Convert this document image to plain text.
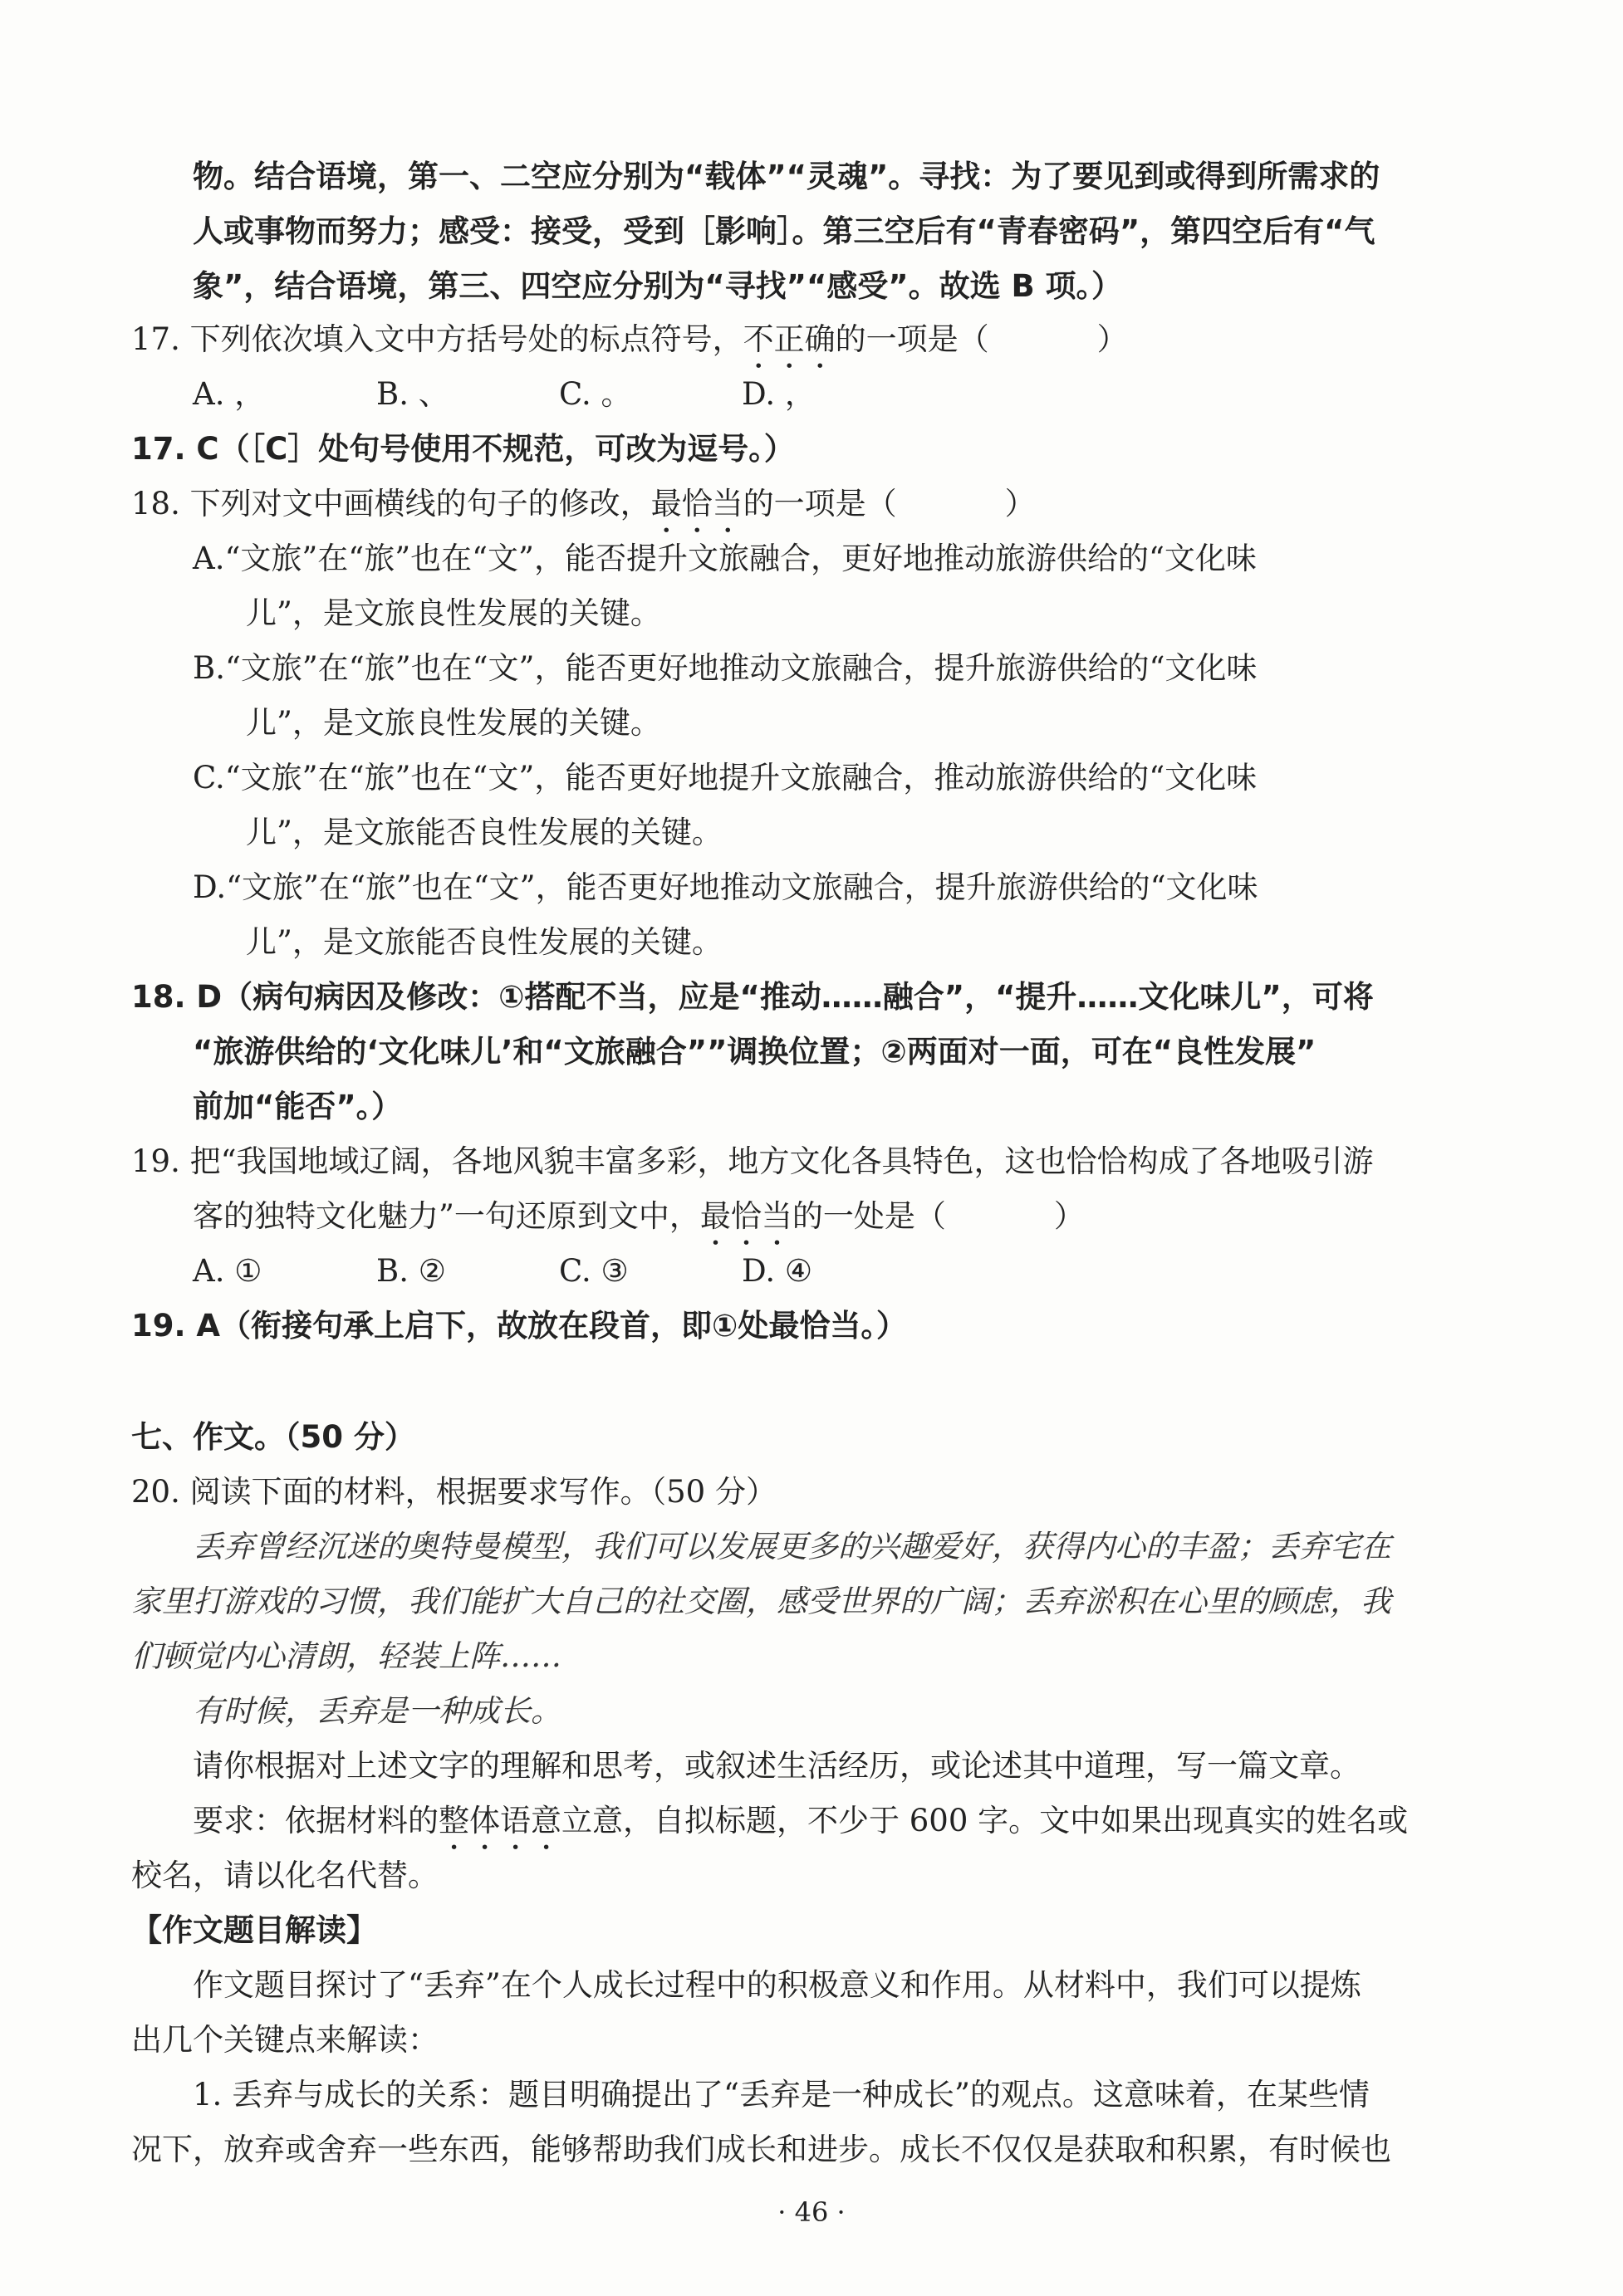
物。结合语境，第一、二空应分别为“载体”“灵魂”。寻找：为了要见到或得到所需求的
人或事物而努力；感受：接受，受到［影响］。第三空后有“青春密码”，第四空后有“气
象”，结合语境，第三、四空应分别为“寻找”“感受”。故选 B 项。）
17. 下列依次填入文中方括号处的标点符号，不正确的一项是（	）
A. ，	B. 、	C. 。	D. ，
17. C（［C］处句号使用不规范，可改为逗号。）
18. 下列对文中画横线的句子的修改，最恰当的一项是（	）
A.“文旅”在“旅”也在“文”，能否提升文旅融合，更好地推动旅游供给的“文化味
儿”，是文旅良性发展的关键。
B.“文旅”在“旅”也在“文”，能否更好地推动文旅融合，提升旅游供给的“文化味
儿”，是文旅良性发展的关键。
C.“文旅”在“旅”也在“文”，能否更好地提升文旅融合，推动旅游供给的“文化味
儿”，是文旅能否良性发展的关键。
D.“文旅”在“旅”也在“文”，能否更好地推动文旅融合，提升旅游供给的“文化味
儿”，是文旅能否良性发展的关键。
18. D（病句病因及修改：①搭配不当，应是“推动……融合”，“提升……文化味儿”，可将
“旅游供给的‘文化味儿’和“文旅融合””调换位置；②两面对一面，可在“良性发展”
前加“能否”。）
19. 把“我国地域辽阔，各地风貌丰富多彩，地方文化各具特色，这也恰恰构成了各地吸引游
客的独特文化魅力”一句还原到文中，最恰当的一处是（	）
A. ①	B. ②	C. ③	D. ④
19. A（衔接句承上启下，故放在段首，即①处最恰当。）
七、作文。（50 分）
20. 阅读下面的材料，根据要求写作。（50 分）
丢弃曾经沉迷的奥特曼模型，我们可以发展更多的兴趣爱好，获得内心的丰盈；丢弃宅在
家里打游戏的习惯，我们能扩大自己的社交圈，感受世界的广阔；丢弃淤积在心里的顾虑，我
们顿觉内心清朗，轻装上阵……
有时候，丢弃是一种成长。
请你根据对上述文字的理解和思考，或叙述生活经历，或论述其中道理，写一篇文章。
要求：依据材料的整体语意立意，自拟标题，不少于 600 字。文中如果出现真实的姓名或
校名，请以化名代替。
【作文题目解读】
作文题目探讨了“丢弃”在个人成长过程中的积极意义和作用。从材料中，我们可以提炼
出几个关键点来解读：
1. 丢弃与成长的关系：题目明确提出了“丢弃是一种成长”的观点。这意味着，在某些情
况下，放弃或舍弃一些东西，能够帮助我们成长和进步。成长不仅仅是获取和积累，有时候也
· 46 ·
